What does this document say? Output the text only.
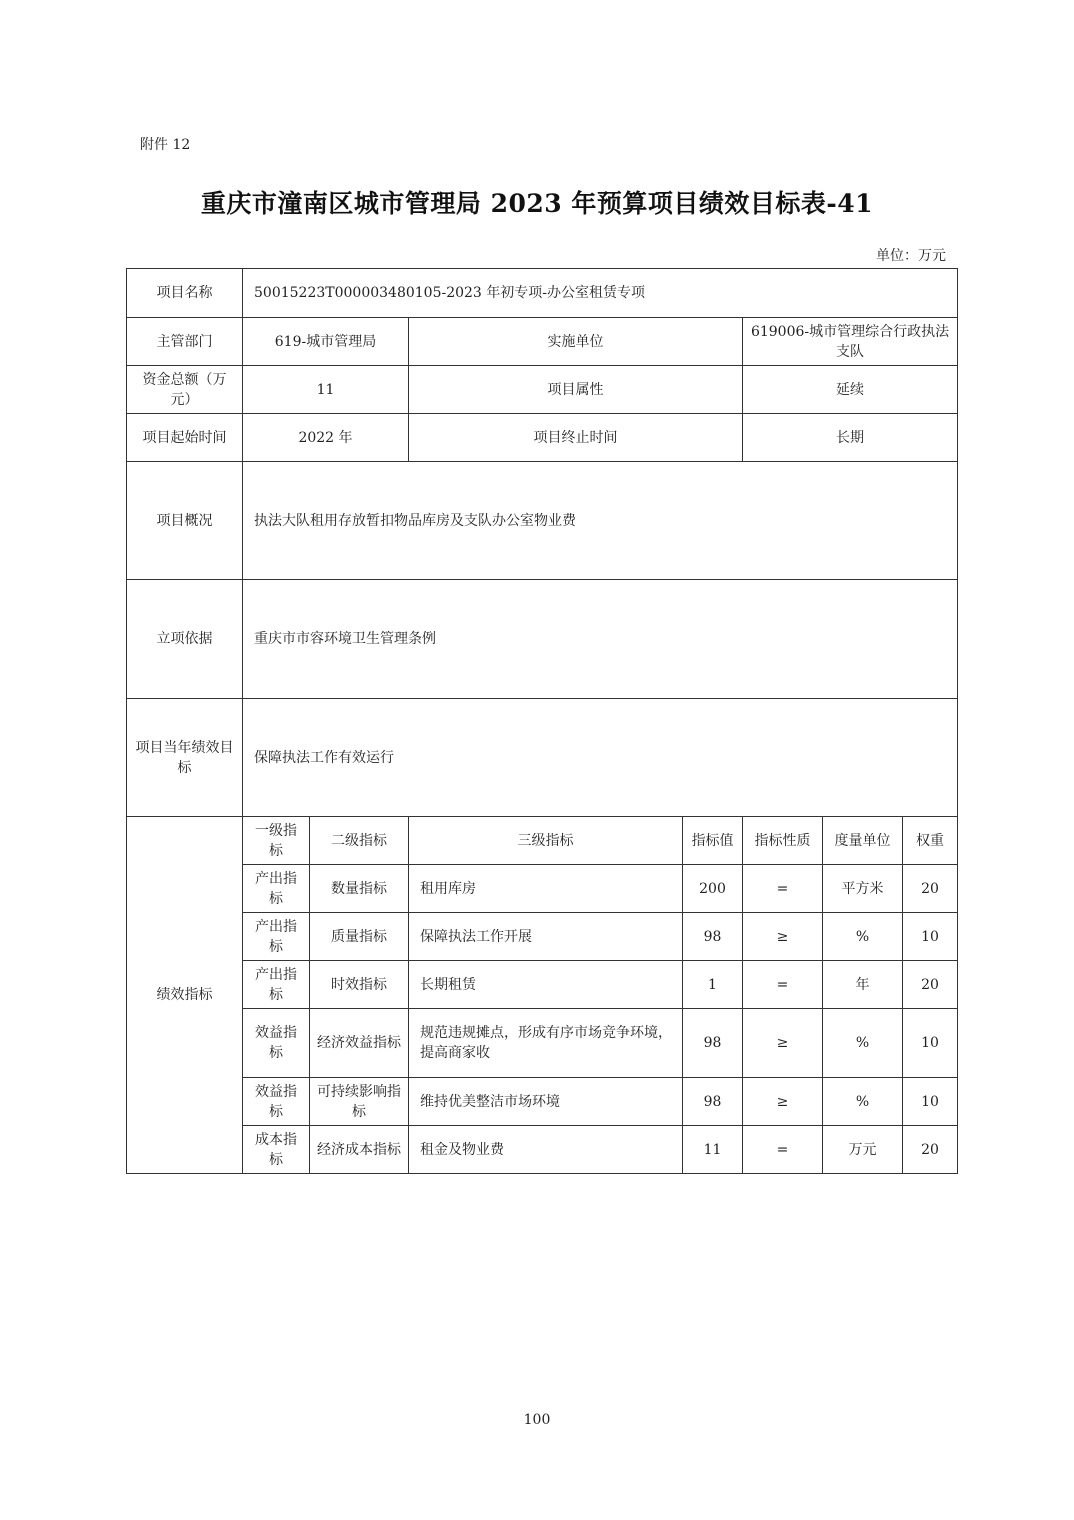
附件 12
重庆市潼南区城市管理局 2023 年预算项目绩效目标表-41
单位：万元
项目名称	50015223T000003480105-2023 年初专项-办公室租赁专项						
主管部门	619-城市管理局		实施单位		619006-城市管理综合行政执法支队		
资金总额（万元）	11		项目属性		延续		
项目起始时间	2022 年		项目终止时间		长期		
项目概况	执法大队租用存放暂扣物品库房及支队办公室物业费						
立项依据	重庆市市容环境卫生管理条例						
项目当年绩效目标	保障执法工作有效运行						
绩效指标	一级指标	二级指标	三级指标	指标值	指标性质	度量单位	权重
	产出指标	数量指标	租用库房	200	=	平方米	20
	产出指标	质量指标	保障执法工作开展	98	≥	%	10
	产出指标	时效指标	长期租赁	1	=	年	20
	效益指标	经济效益指标	规范违规摊点，形成有序市场竞争环境，提高商家收	98	≥	%	10
	效益指标	可持续影响指标	维持优美整洁市场环境	98	≥	%	10
	成本指标	经济成本指标	租金及物业费	11	=	万元	20
100
